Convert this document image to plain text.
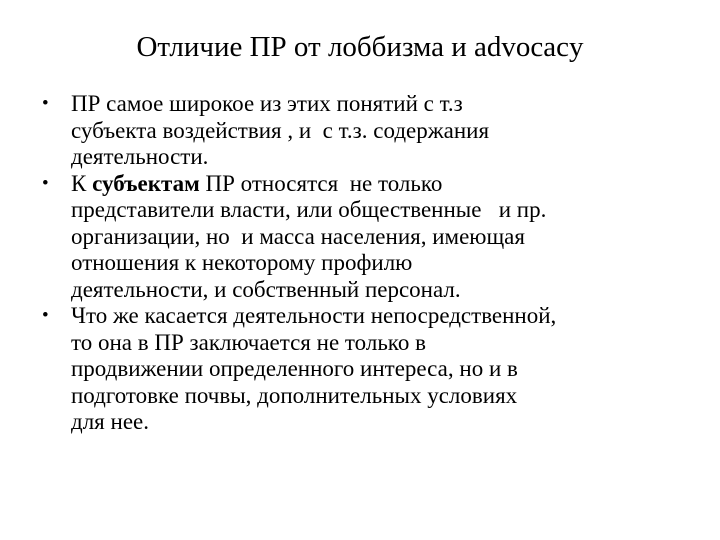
Отличие ПР от лоббизма и advocacy
• ПР самое широкое из этих понятий с т.з
субъекта воздействия , и  с т.з. содержания
деятельности.
• К субъектам ПР относятся  не только
представители власти, или общественные   и пр.
организации, но  и масса населения, имеющая
отношения к некоторому профилю
деятельности, и собственный персонал.
• Что же касается деятельности непосредственной,
то она в ПР заключается не только в
продвижении определенного интереса, но и в
подготовке почвы, дополнительных условиях
для нее.
